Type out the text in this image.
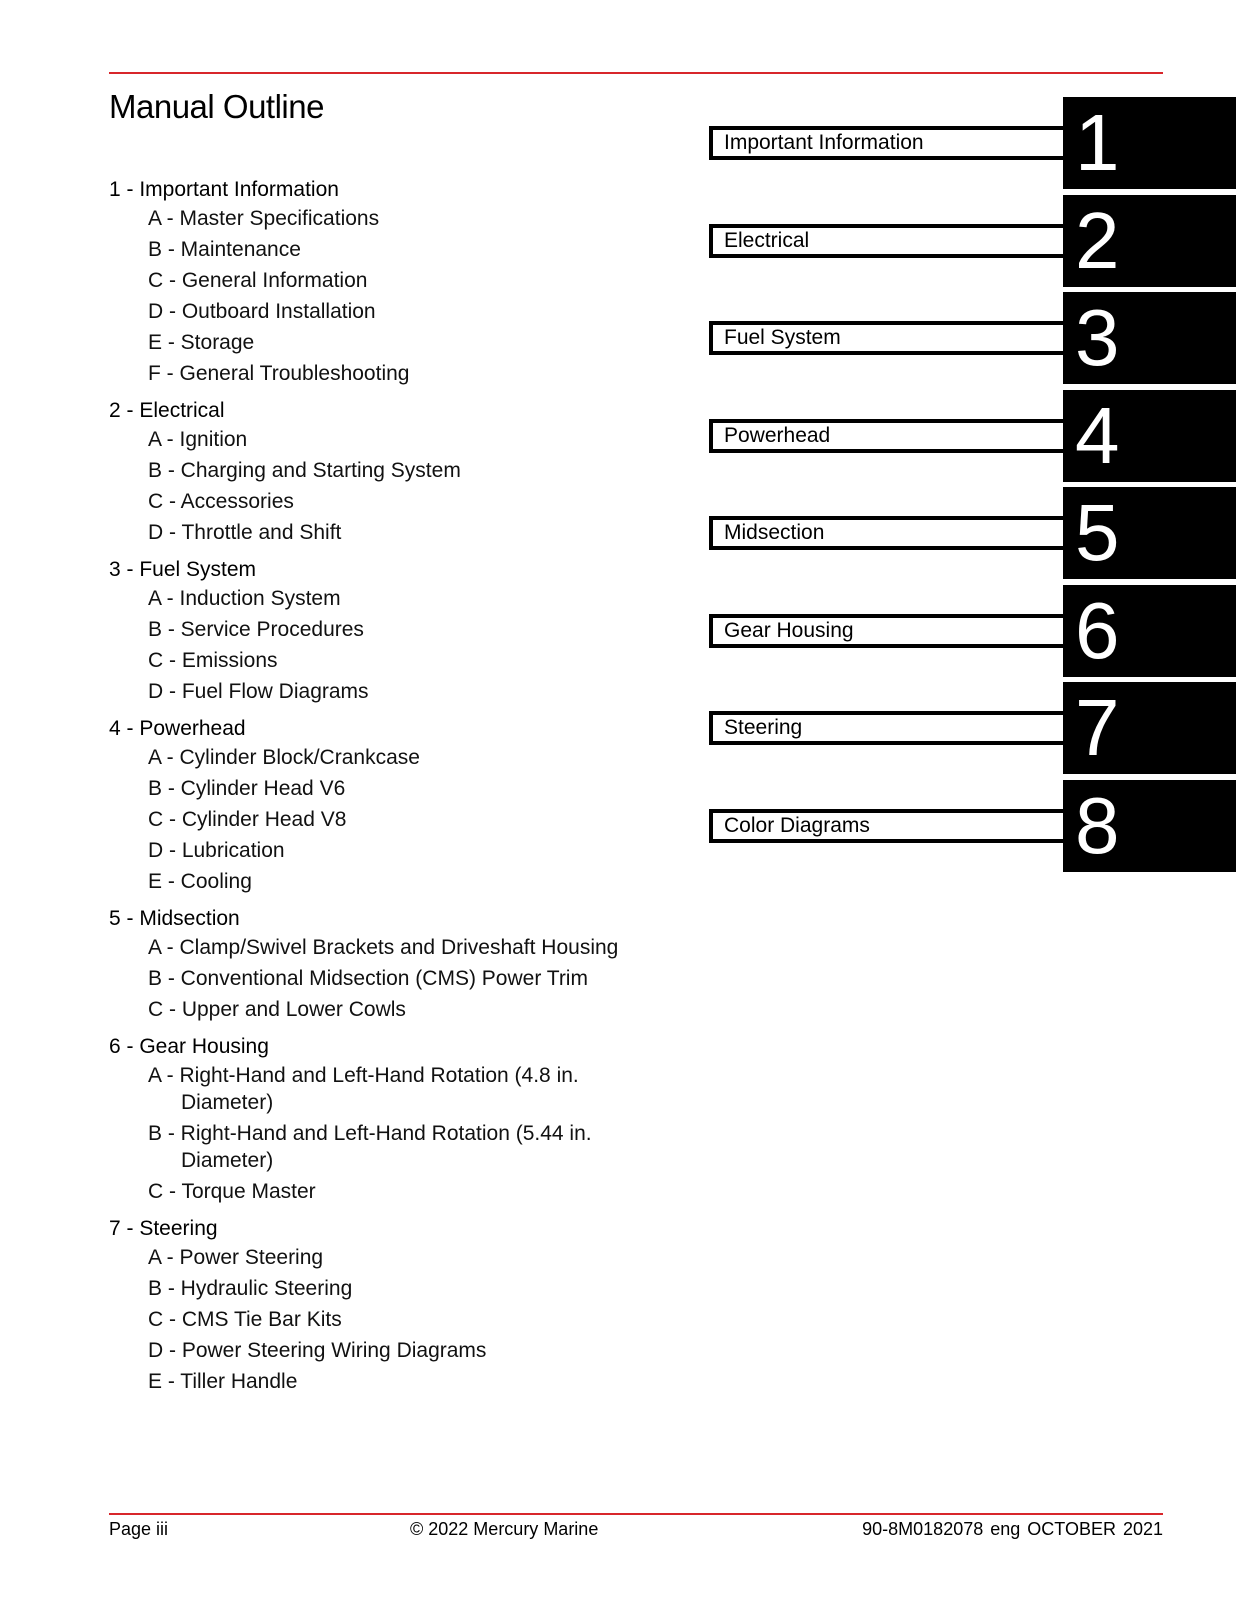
Manual Outline
1 - Important Information
A - Master Specifications
B - Maintenance
C - General Information
D - Outboard Installation
E - Storage
F - General Troubleshooting
2 - Electrical
A - Ignition
B - Charging and Starting System
C - Accessories
D - Throttle and Shift
3 - Fuel System
A - Induction System
B - Service Procedures
C - Emissions
D - Fuel Flow Diagrams
4 - Powerhead
A - Cylinder Block/Crankcase
B - Cylinder Head V6
C - Cylinder Head V8
D - Lubrication
E - Cooling
5 - Midsection
A - Clamp/Swivel Brackets and Driveshaft Housing
B - Conventional Midsection (CMS) Power Trim
C - Upper and Lower Cowls
6 - Gear Housing
A - Right-Hand and Left-Hand Rotation (4.8 in. Diameter)
B - Right-Hand and Left-Hand Rotation (5.44 in. Diameter)
C - Torque Master
7 - Steering
A - Power Steering
B - Hydraulic Steering
C - CMS Tie Bar Kits
D - Power Steering Wiring Diagrams
E - Tiller Handle
Important Information	1
Electrical	2
Fuel System	3
Powerhead	4
Midsection	5
Gear Housing	6
Steering	7
Color Diagrams	8
Page iii	© 2022 Mercury Marine	90-8M0182078 eng OCTOBER 2021
